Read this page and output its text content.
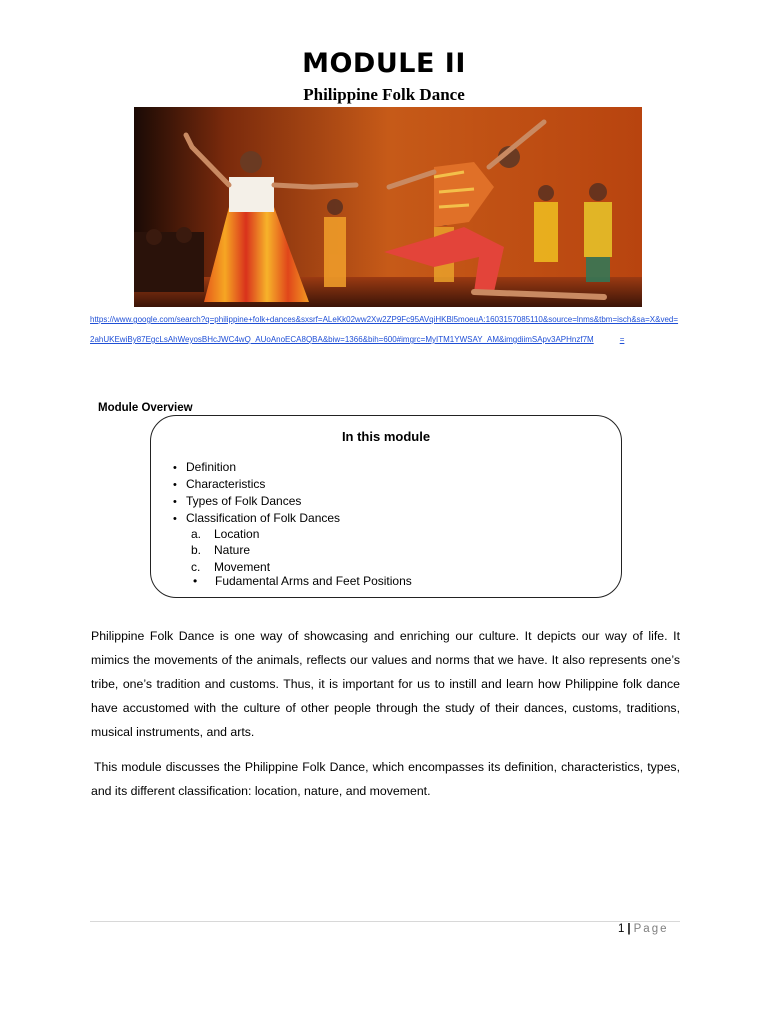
MODULE II
Philippine Folk Dance
https://www.google.com/search?q=philippine+folk+dances&sxsrf=ALeKk02ww2Xw2ZP9Fc95AVqiHKBl5moeuA:1603157085110&source=lnms&tbm=isch&sa=X&ved=2ahUKEwiBy87EgcLsAhWeyosBHcJWC4wQ_AUoAnoECA8QBA&biw=1366&bih=600#imgrc=MyITM1YWSAY_AM&imgdiimSApv3APHnzf7M	=
Module Overview
In this module
• Definition
• Characteristics
• Types of Folk Dances
• Classification of Folk Dances
a.	Location
b.	Nature
c.	Movement
• Fudamental Arms and Feet Positions

Philippine Folk Dance is one way of showcasing and enriching our culture. It depicts our way of life. It mimics the movements of the animals, reflects our values and norms that we have. It also represents one’s tribe, one’s tradition and customs. Thus, it is important for us to instill and learn how Philippine folk dance have accustomed with the culture of other people through the study of their dances, customs, traditions, musical instruments, and arts.

This module discusses the Philippine Folk Dance, which encompasses its definition, characteristics, types, and its different classification: location, nature, and movement.

1 | Page
